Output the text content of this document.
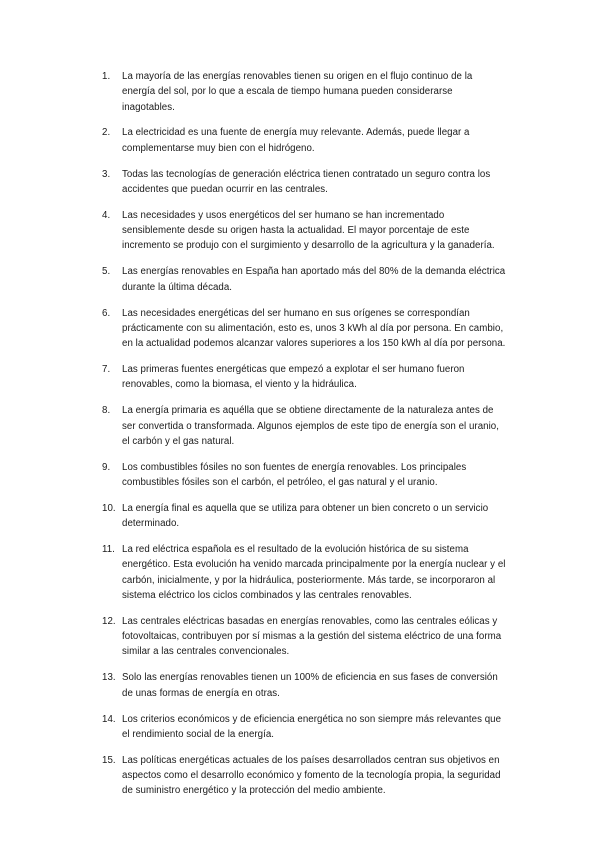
1.	La mayoría de las energías renovables tienen su origen en el flujo continuo de la energía del sol, por lo que a escala de tiempo humana pueden considerarse inagotables.
2.	La electricidad es una fuente de energía muy relevante. Además, puede llegar a complementarse muy bien con el hidrógeno.
3.	Todas las tecnologías de generación eléctrica tienen contratado un seguro contra los accidentes que puedan ocurrir en las centrales.
4.	Las necesidades y usos energéticos del ser humano se han incrementado sensiblemente desde su origen hasta la actualidad. El mayor porcentaje de este incremento se produjo con el surgimiento y desarrollo de la agricultura y la ganadería.
5.	Las energías renovables en España han aportado más del 80% de la demanda eléctrica durante la última década.
6.	Las necesidades energéticas del ser humano en sus orígenes se correspondían prácticamente con su alimentación, esto es, unos 3 kWh al día por persona. En cambio, en la actualidad podemos alcanzar valores superiores a los 150 kWh al día por persona.
7.	Las primeras fuentes energéticas que empezó a explotar el ser humano fueron renovables, como la biomasa, el viento y la hidráulica.
8.	La energía primaria es aquélla que se obtiene directamente de la naturaleza antes de ser convertida o transformada. Algunos ejemplos de este tipo de energía son el uranio, el carbón y el gas natural.
9.	Los combustibles fósiles no son fuentes de energía renovables. Los principales combustibles fósiles son el carbón, el petróleo, el gas natural y el uranio.
10. La energía final es aquella que se utiliza para obtener un bien concreto o un servicio determinado.
11. La red eléctrica española es el resultado de la evolución histórica de su sistema energético. Esta evolución ha venido marcada principalmente por la energía nuclear y el carbón, inicialmente, y por la hidráulica, posteriormente. Más tarde, se incorporaron al sistema eléctrico los ciclos combinados y las centrales renovables.
12. Las centrales eléctricas basadas en energías renovables, como las centrales eólicas y fotovoltaicas, contribuyen por sí mismas a la gestión del sistema eléctrico de una forma similar a las centrales convencionales.
13. Solo las energías renovables tienen un 100% de eficiencia en sus fases de conversión de unas formas de energía en otras.
14. Los criterios económicos y de eficiencia energética no son siempre más relevantes que el rendimiento social de la energía.
15. Las políticas energéticas actuales de los países desarrollados centran sus objetivos en aspectos como el desarrollo económico y fomento de la tecnología propia, la seguridad de suministro energético y la protección del medio ambiente.
